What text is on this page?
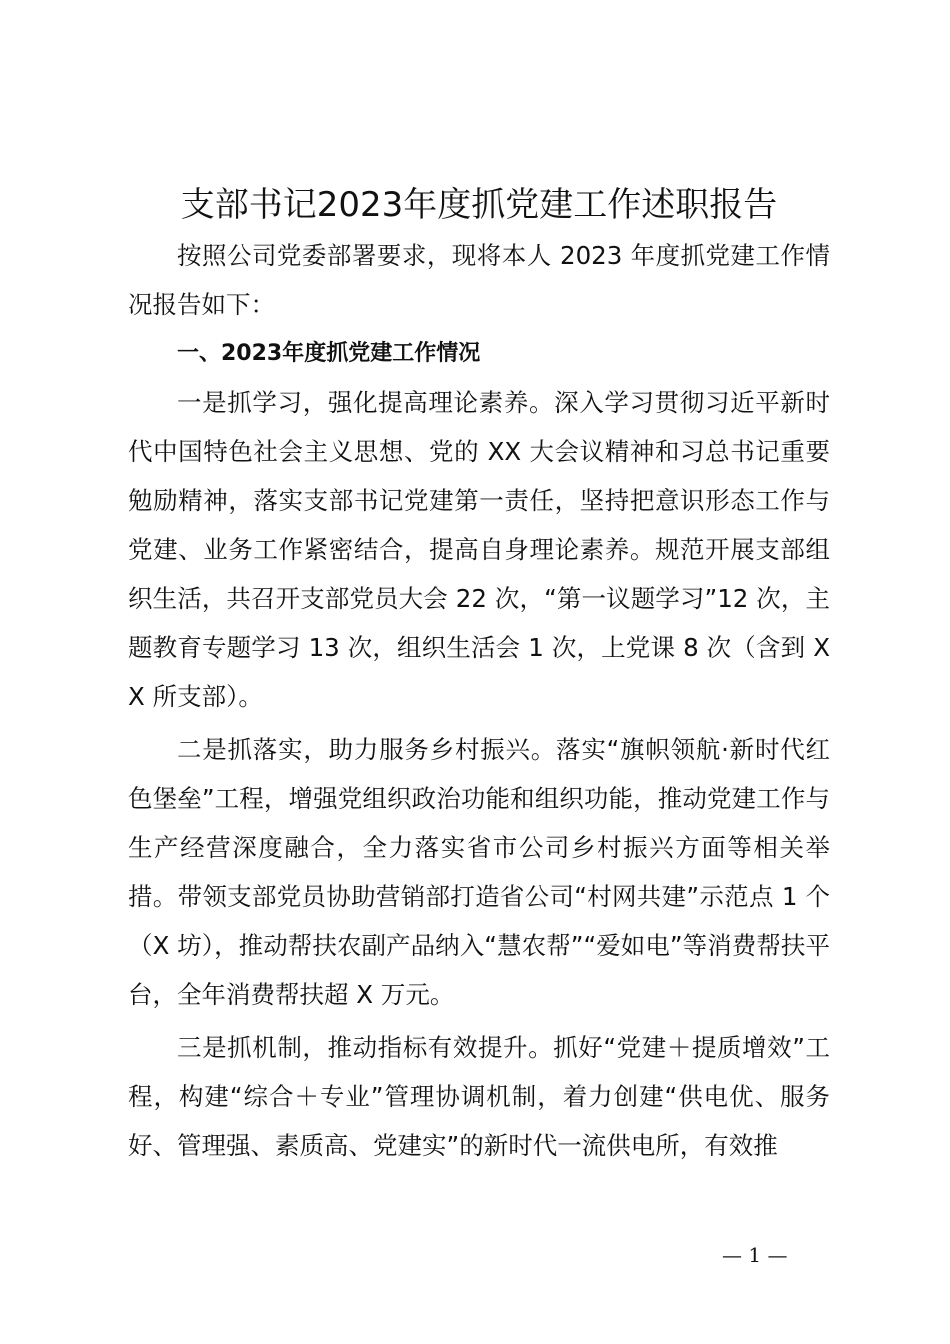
支部书记2023年度抓党建工作述职报告

按照公司党委部署要求，现将本人 2023 年度抓党建工作情况报告如下：

一、2023年度抓党建工作情况

一是抓学习，强化提高理论素养。深入学习贯彻习近平新时代中国特色社会主义思想、党的 XX 大会议精神和习总书记重要勉励精神，落实支部书记党建第一责任，坚持把意识形态工作与党建、业务工作紧密结合，提高自身理论素养。规范开展支部组织生活，共召开支部党员大会 22 次，“第一议题学习”12 次，主题教育专题学习 13 次，组织生活会 1 次，上党课 8 次（含到 XX 所支部）。

二是抓落实，助力服务乡村振兴。落实“旗帜领航·新时代红色堡垒”工程，增强党组织政治功能和组织功能，推动党建工作与生产经营深度融合，全力落实省市公司乡村振兴方面等相关举措。带领支部党员协助营销部打造省公司“村网共建”示范点 1 个（X 坊），推动帮扶农副产品纳入“慧农帮”“爱如电”等消费帮扶平台，全年消费帮扶超 X 万元。

三是抓机制，推动指标有效提升。抓好“党建＋提质增效”工程，构建“综合＋专业”管理协调机制，着力创建“供电优、服务好、管理强、素质高、党建实”的新时代一流供电所，有效推

— 1 —
